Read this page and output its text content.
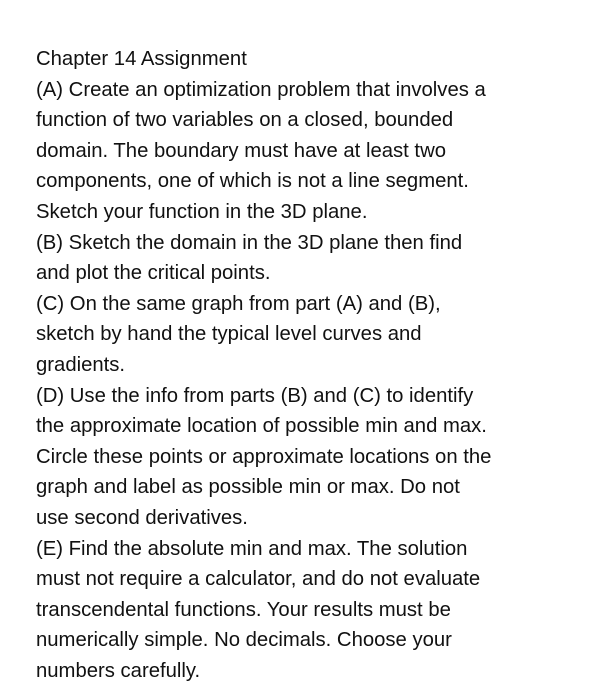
Chapter 14 Assignment
(A) Create an optimization problem that involves a
function of two variables on a closed, bounded
domain. The boundary must have at least two
components, one of which is not a line segment.
Sketch your function in the 3D plane.
(B) Sketch the domain in the 3D plane then find
and plot the critical points.
(C) On the same graph from part (A) and (B),
sketch by hand the typical level curves and
gradients.
(D) Use the info from parts (B) and (C) to identify
the approximate location of possible min and max.
Circle these points or approximate locations on the
graph and label as possible min or max. Do not
use second derivatives.
(E) Find the absolute min and max. The solution
must not require a calculator, and do not evaluate
transcendental functions. Your results must be
numerically simple. No decimals. Choose your
numbers carefully.
